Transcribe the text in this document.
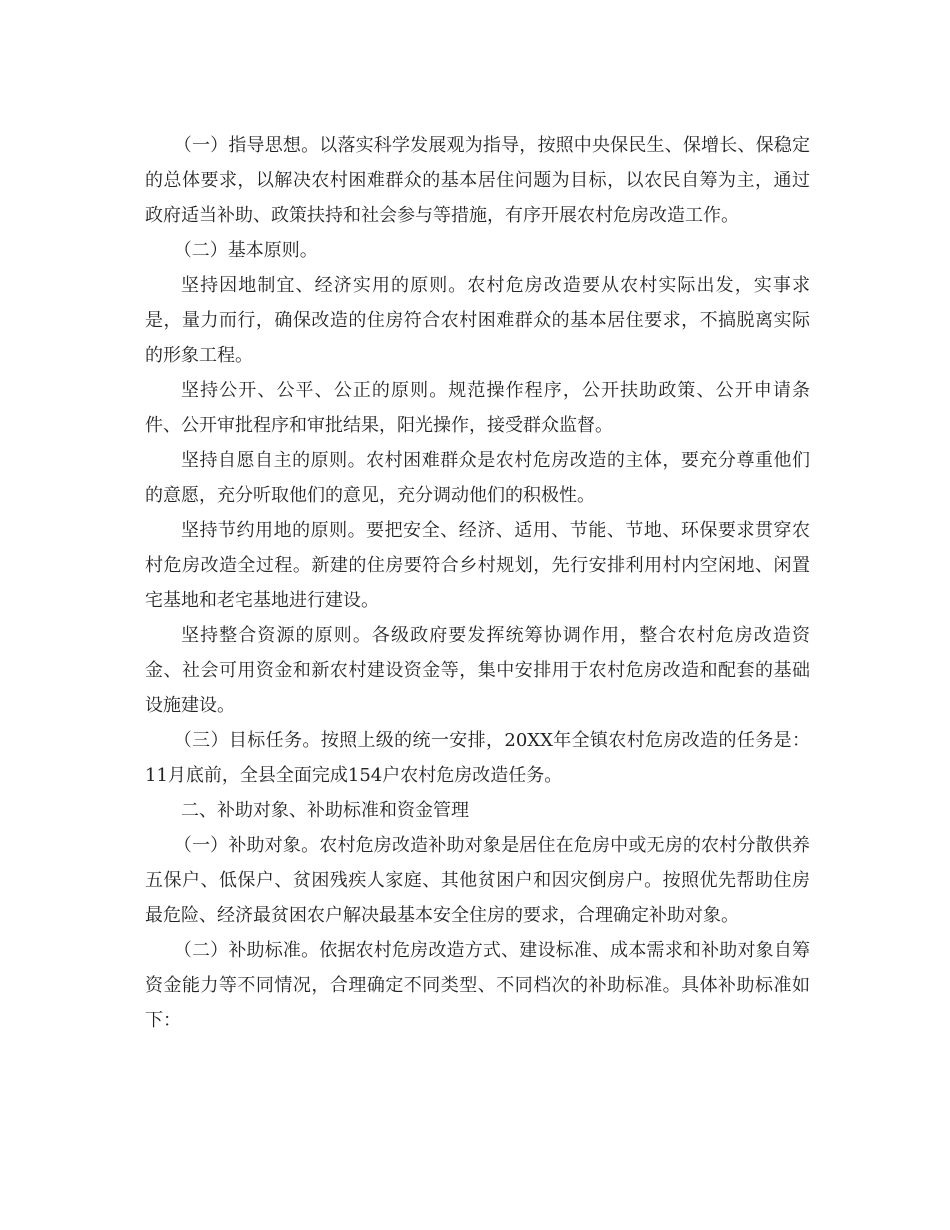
（一）指导思想。以落实科学发展观为指导，按照中央保民生、保增长、保稳定的总体要求，以解决农村困难群众的基本居住问题为目标，以农民自筹为主，通过政府适当补助、政策扶持和社会参与等措施，有序开展农村危房改造工作。

（二）基本原则。

坚持因地制宜、经济实用的原则。农村危房改造要从农村实际出发，实事求是，量力而行，确保改造的住房符合农村困难群众的基本居住要求，不搞脱离实际的形象工程。

坚持公开、公平、公正的原则。规范操作程序，公开扶助政策、公开申请条件、公开审批程序和审批结果，阳光操作，接受群众监督。

坚持自愿自主的原则。农村困难群众是农村危房改造的主体，要充分尊重他们的意愿，充分听取他们的意见，充分调动他们的积极性。

坚持节约用地的原则。要把安全、经济、适用、节能、节地、环保要求贯穿农村危房改造全过程。新建的住房要符合乡村规划，先行安排利用村内空闲地、闲置宅基地和老宅基地进行建设。

坚持整合资源的原则。各级政府要发挥统筹协调作用，整合农村危房改造资金、社会可用资金和新农村建设资金等，集中安排用于农村危房改造和配套的基础设施建设。

（三）目标任务。按照上级的统一安排，20XX年全镇农村危房改造的任务是：11月底前，全县全面完成154户农村危房改造任务。

二、补助对象、补助标准和资金管理

（一）补助对象。农村危房改造补助对象是居住在危房中或无房的农村分散供养五保户、低保户、贫困残疾人家庭、其他贫困户和因灾倒房户。按照优先帮助住房最危险、经济最贫困农户解决最基本安全住房的要求，合理确定补助对象。

（二）补助标准。依据农村危房改造方式、建设标准、成本需求和补助对象自筹资金能力等不同情况，合理确定不同类型、不同档次的补助标准。具体补助标准如下：
